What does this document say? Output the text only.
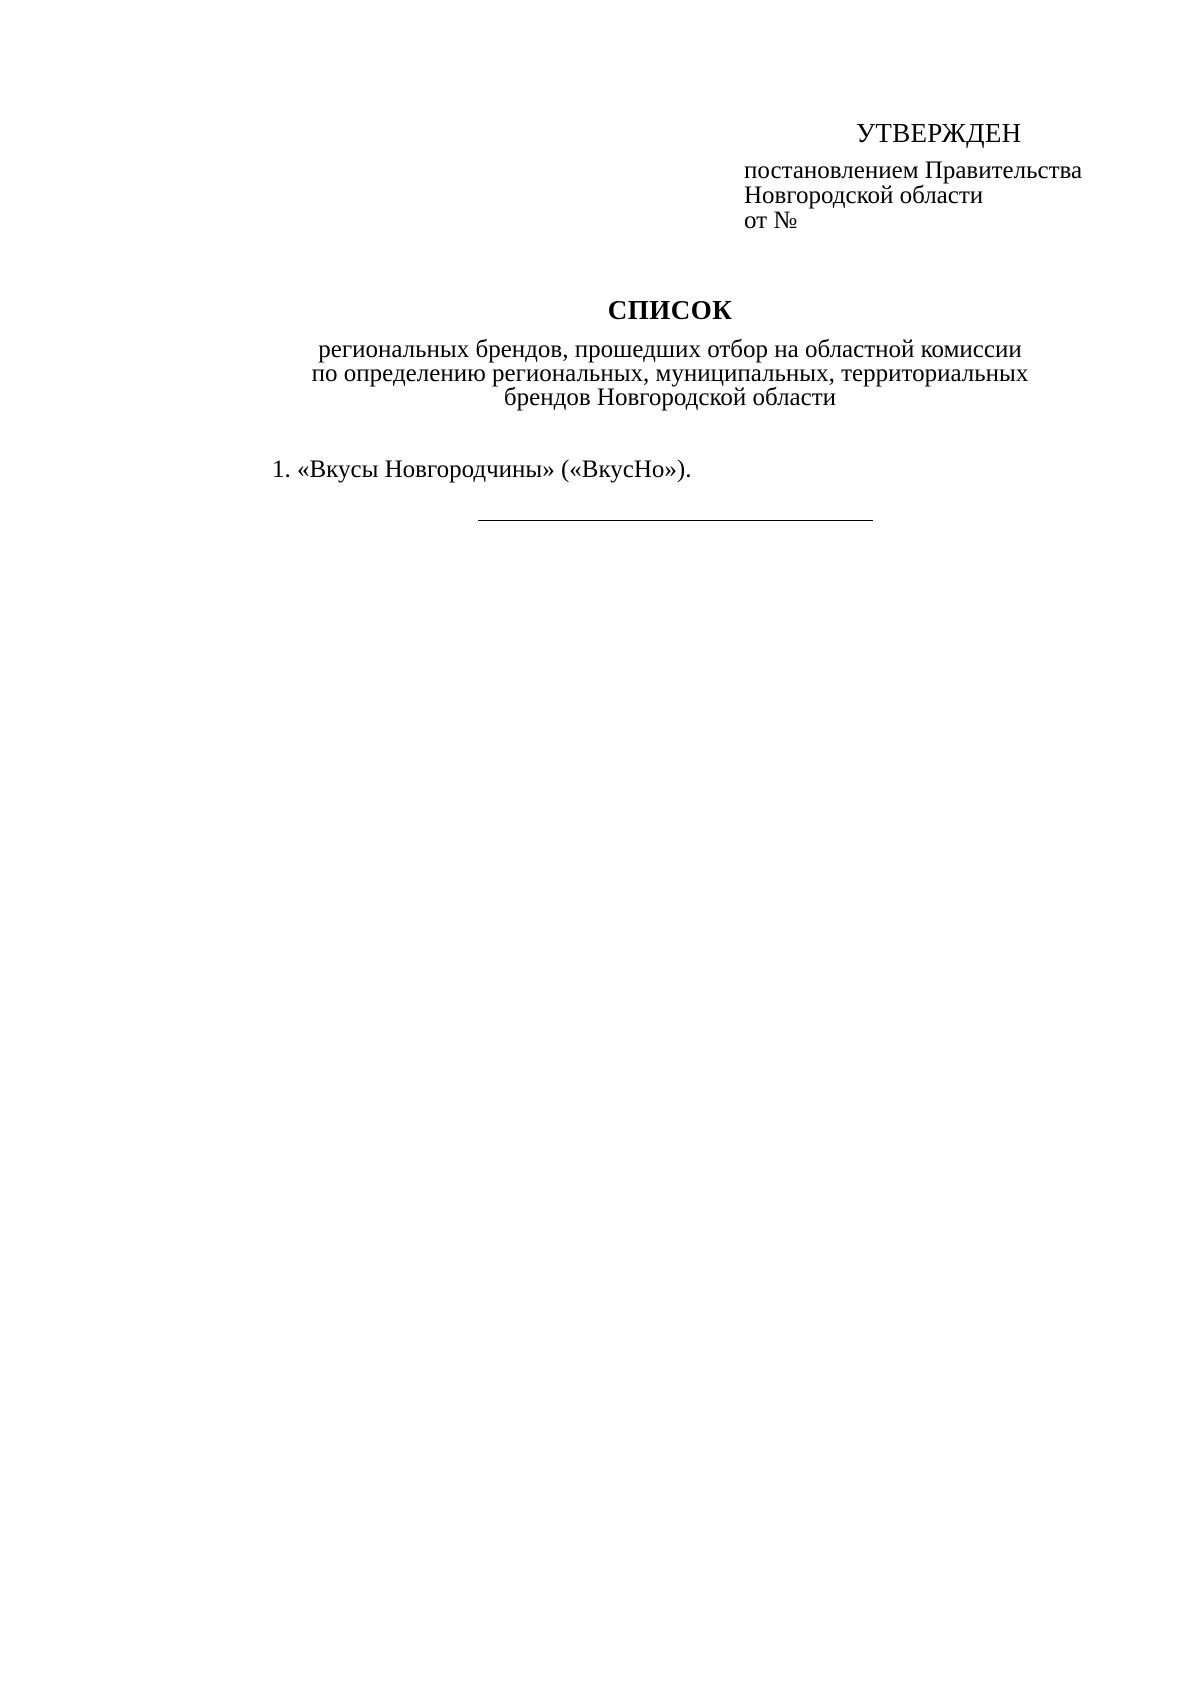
УТВЕРЖДЕН
постановлением Правительства
Новгородской области
от №
СПИСОК
региональных брендов, прошедших отбор на областной комиссии
по определению региональных, муниципальных, территориальных
брендов Новгородской области
1. «Вкусы Новгородчины» («ВкусНо»).
